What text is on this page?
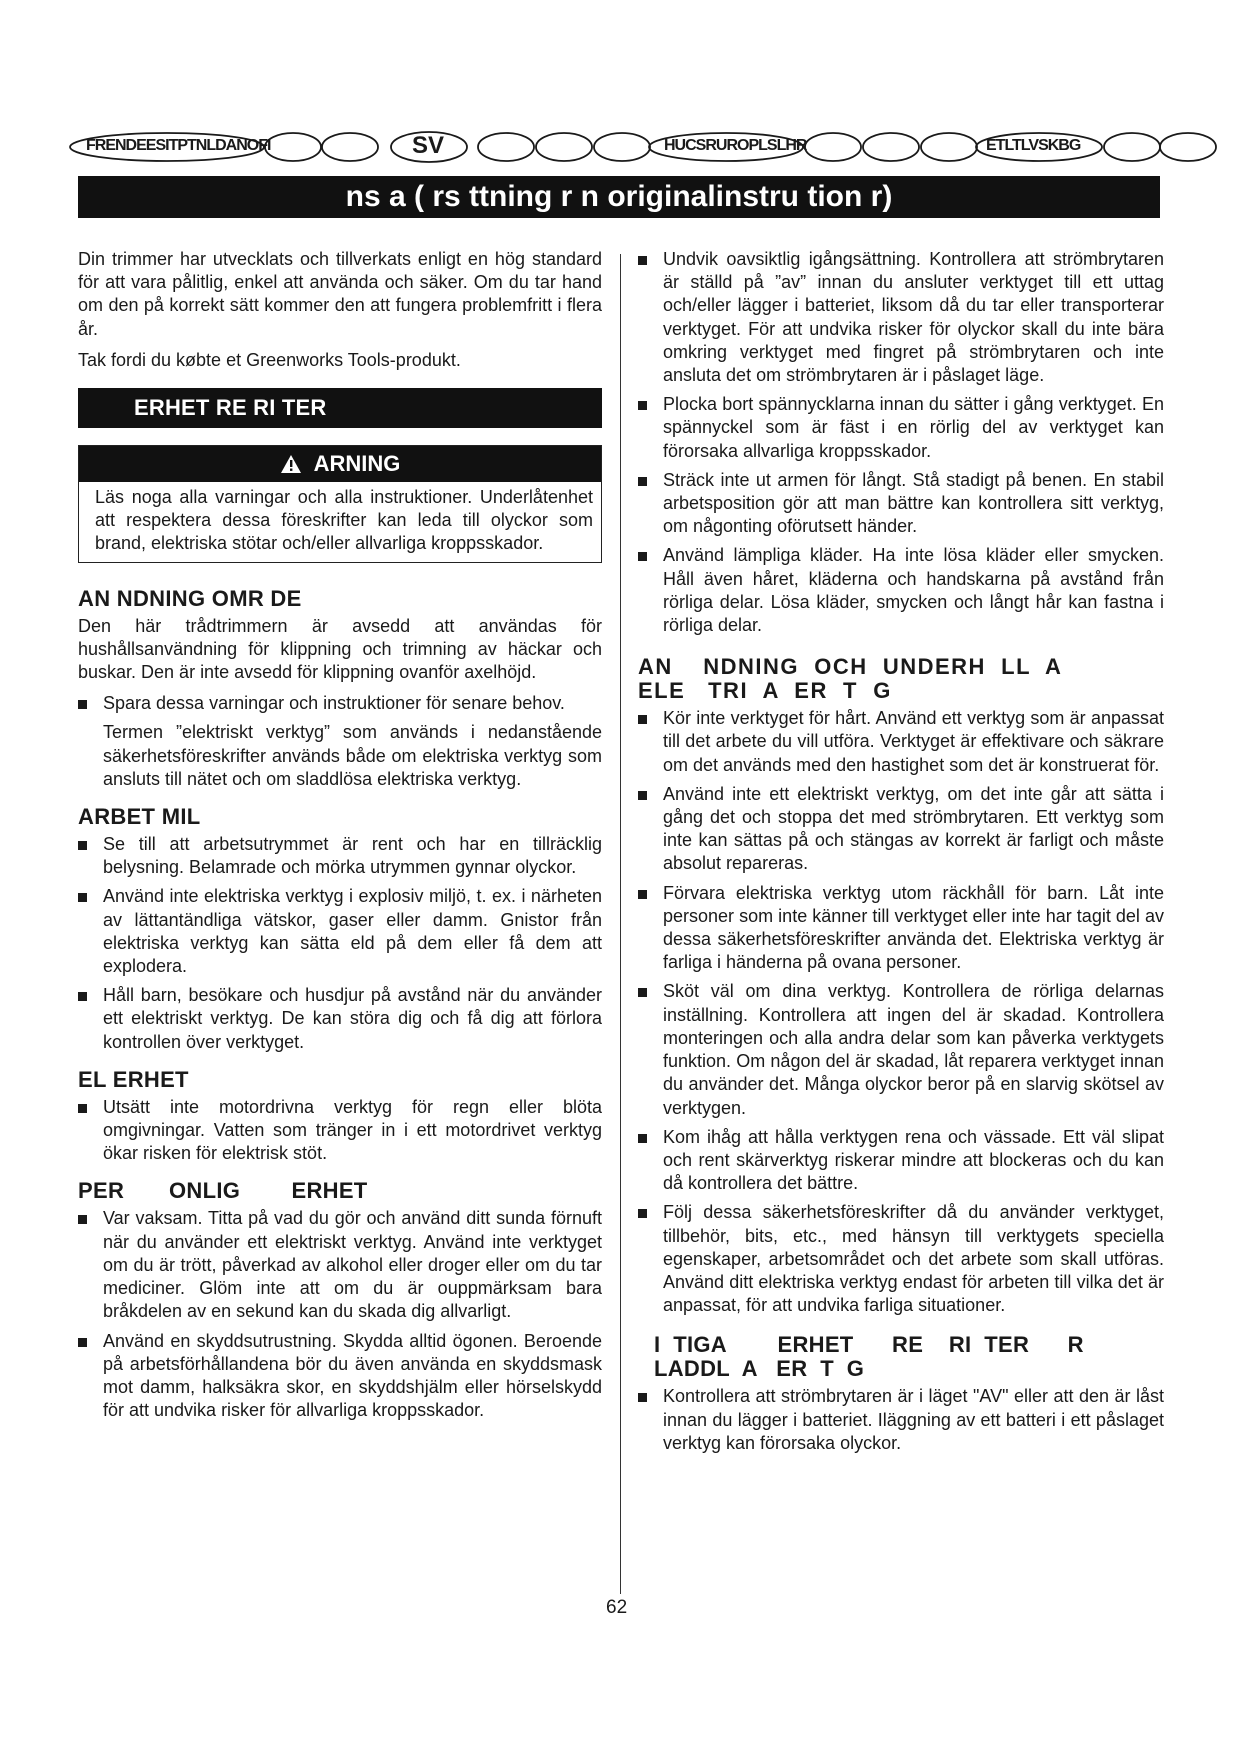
FRENDEESITPTNLDANOFI	SV	HUCSRUROPLSLHR	ETLTLVSKBG
ns a ( rs ttning r n originalinstru tion r)

Din trimmer har utvecklats och tillverkats enligt en hög standard för att vara pålitlig, enkel att använda och säker. Om du tar hand om den på korrekt sätt kommer den att fungera problemfritt i flera år.

Tak fordi du købte et Greenworks Tools-produkt.

ERHET RE RI TER
ARNING
Läs noga alla varningar och alla instruktioner. Underlåtenhet att respektera dessa föreskrifter kan leda till olyckor som brand, elektriska stötar och/eller allvarliga kroppsskador.
AN NDNING OMR DE

Den här trådtrimmern är avsedd att användas för hushållsanvändning för klippning och trimning av häckar och buskar. Den är inte avsedd för klippning ovanför axelhöjd.

Spara dessa varningar och instruktioner för senare behov.
Termen ”elektriskt verktyg” som används i nedanstående säkerhetsföreskrifter används både om elektriska verktyg som ansluts till nätet och om sladdlösa elektriska verktyg.
ARBET MIL
Se till att arbetsutrymmet är rent och har en tillräcklig belysning. Belamrade och mörka utrymmen gynnar olyckor.
Använd inte elektriska verktyg i explosiv miljö, t. ex. i närheten av lättantändliga vätskor, gaser eller damm. Gnistor från elektriska verktyg kan sätta eld på dem eller få dem att explodera.
Håll barn, besökare och husdjur på avstånd när du använder ett elektriskt verktyg. De kan störa dig och få dig att förlora kontrollen över verktyget.
EL ERHET
Utsätt inte motordrivna verktyg för regn eller blöta omgivningar. Vatten som tränger in i ett motordrivet verktyg ökar risken för elektrisk stöt.
PER       ONLIG        ERHET
Var vaksam. Titta på vad du gör och använd ditt sunda förnuft när du använder ett elektriskt verktyg. Använd inte verktyget om du är trött, påverkad av alkohol eller droger eller om du tar mediciner. Glöm inte att om du är ouppmärksam bara bråkdelen av en sekund kan du skada dig allvarligt.
Använd en skyddsutrustning. Skydda alltid ögonen. Beroende på arbetsförhållandena bör du även använda en skyddsmask mot damm, halksäkra skor, en skyddshjälm eller hörselskydd för att undvika risker för allvarliga kroppsskador.
Undvik oavsiktlig igångsättning. Kontrollera att strömbrytaren är ställd på ”av” innan du ansluter verktyget till ett uttag och/eller lägger i batteriet, liksom då du tar eller transporterar verktyget. För att undvika risker för olyckor skall du inte bära omkring verktyget med fingret på strömbrytaren och inte ansluta det om strömbrytaren är i påslaget läge.
Plocka bort spännycklarna innan du sätter i gång verktyget. En spännyckel som är fäst i en rörlig del av verktyget kan förorsaka allvarliga kroppsskador.
Sträck inte ut armen för långt. Stå stadigt på benen. En stabil arbetsposition gör att man bättre kan kontrollera sitt verktyg, om någonting oförutsett händer.
Använd lämpliga kläder. Ha inte lösa kläder eller smycken. Håll även håret, kläderna och handskarna på avstånd från rörliga delar. Lösa kläder, smycken och långt hår kan fastna i rörliga delar.
AN    NDNING  OCH  UNDERH  LL  A
ELE   TRI  A  ER  T  G
Kör inte verktyget för hårt. Använd ett verktyg som är anpassat till det arbete du vill utföra. Verktyget är effektivare och säkrare om det används med den hastighet som det är konstruerat för.
Använd inte ett elektriskt verktyg, om det inte går att sätta i gång det och stoppa det med strömbrytaren. Ett verktyg som inte kan sättas på och stängas av korrekt är farligt och måste absolut repareras.
Förvara elektriska verktyg utom räckhåll för barn. Låt inte personer som inte känner till verktyget eller inte har tagit del av dessa säkerhetsföreskrifter använda det. Elektriska verktyg är farliga i händerna på ovana personer.
Sköt väl om dina verktyg. Kontrollera de rörliga delarnas inställning. Kontrollera att ingen del är skadad. Kontrollera monteringen och alla andra delar som kan påverka verktygets funktion. Om någon del är skadad, låt reparera verktyget innan du använder det. Många olyckor beror på en slarvig skötsel av verktygen.
Kom ihåg att hålla verktygen rena och vässade. Ett väl slipat och rent skärverktyg riskerar mindre att blockeras och du kan då kontrollera det bättre.
Följ dessa säkerhetsföreskrifter då du använder verktyget, tillbehör, bits, etc., med hänsyn till verktygets speciella egenskaper, arbetsområdet och det arbete som skall utföras. Använd ditt elektriska verktyg endast för arbeten till vilka det är anpassat, för att undvika farliga situationer.
I  TIGA        ERHET      RE    RI  TER      R
LADDL  A   ER  T  G
Kontrollera att strömbrytaren är i läget "AV" eller att den är låst innan du lägger i batteriet. Iläggning av ett batteri i ett påslaget verktyg kan förorsaka olyckor.
62
